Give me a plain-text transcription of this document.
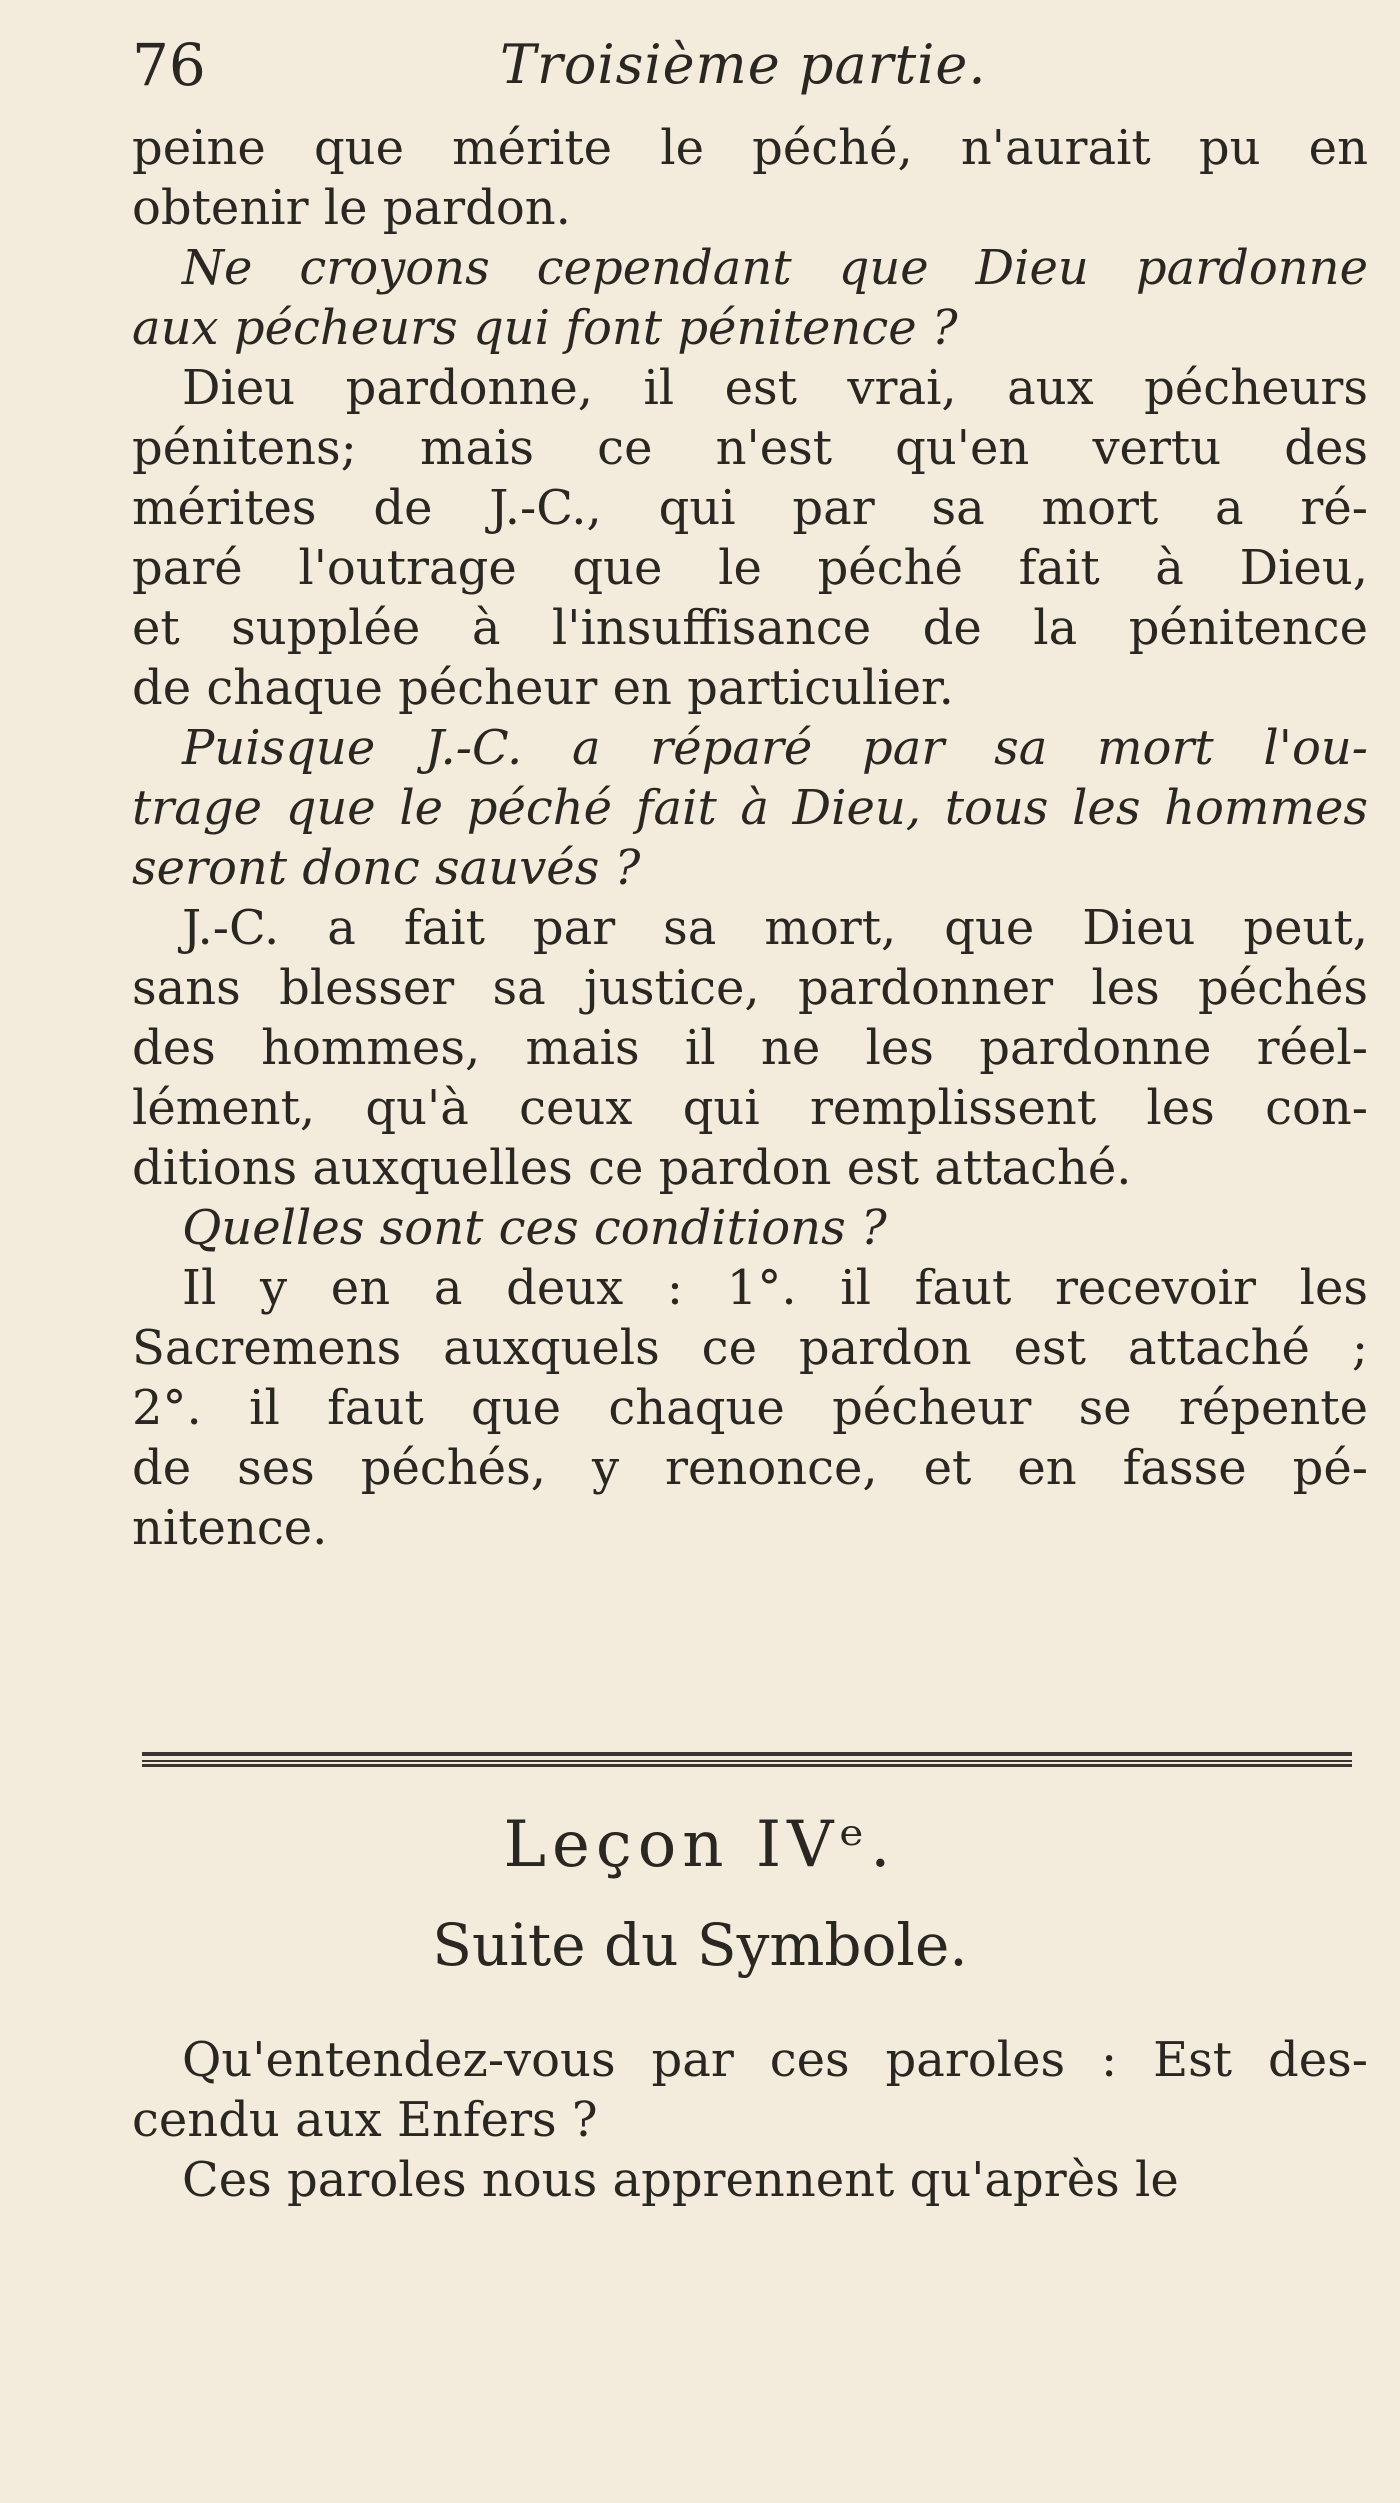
76	Troisième partie.
peine que mérite le péché, n'aurait pu en
obtenir le pardon.
Ne croyons cependant que Dieu pardonne
aux pécheurs qui font pénitence ?
Dieu pardonne, il est vrai, aux pécheurs
pénitens; mais ce n'est qu'en vertu des
mérites de J.-C., qui par sa mort a ré-
paré l'outrage que le péché fait à Dieu,
et supplée à l'insuffisance de la pénitence
de chaque pécheur en particulier.
Puisque J.-C. a réparé par sa mort l'ou-
trage que le péché fait à Dieu, tous les hommes
seront donc sauvés ?
J.-C. a fait par sa mort, que Dieu peut,
sans blesser sa justice, pardonner les péchés
des hommes, mais il ne les pardonne réel-
lément, qu'à ceux qui remplissent les con-
ditions auxquelles ce pardon est attaché.
Quelles sont ces conditions ?
Il y en a deux : 1°. il faut recevoir les
Sacremens auxquels ce pardon est attaché ;
2°. il faut que chaque pécheur se répente
de ses péchés, y renonce, et en fasse pé-
nitence.
Leçon IVᵉ.
Suite du Symbole.
Qu'entendez-vous par ces paroles : Est des-
cendu aux Enfers ?
Ces paroles nous apprennent qu'après le
